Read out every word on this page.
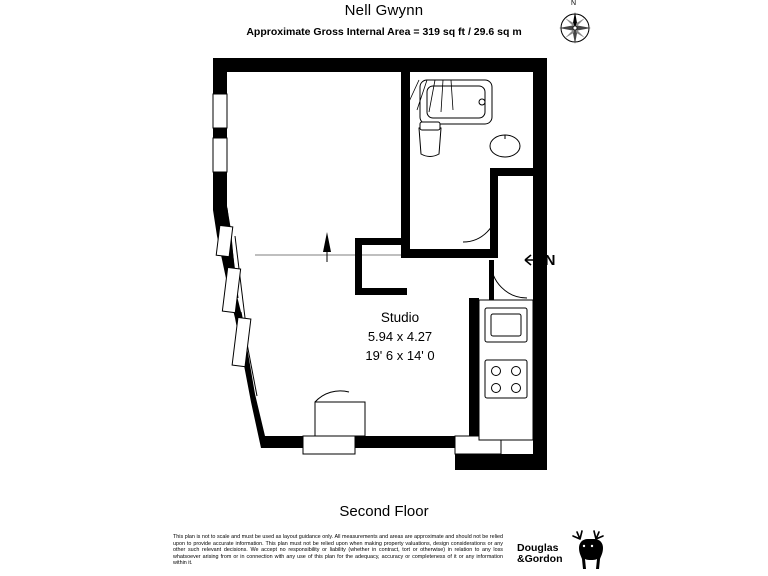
Nell Gwynn
Approximate Gross Internal Area = 319 sq ft / 29.6 sq m
N
Studio
5.94 x 4.27
19' 6 x 14' 0
IN
Second Floor
This plan is not to scale and must be used as layout guidance only. All measurements and areas are approximate and should not be relied upon to provide accurate information. This plan must not be relied upon when making property valuations, design considerations or any other such relevant decisions. We accept no responsibility or liability (whether in contract, tort or otherwise) in relation to any loss whatsoever arising from or in connection with any use of this plan for the adequacy, accuracy or completeness of it or any information within it.
Douglas
&Gordon
